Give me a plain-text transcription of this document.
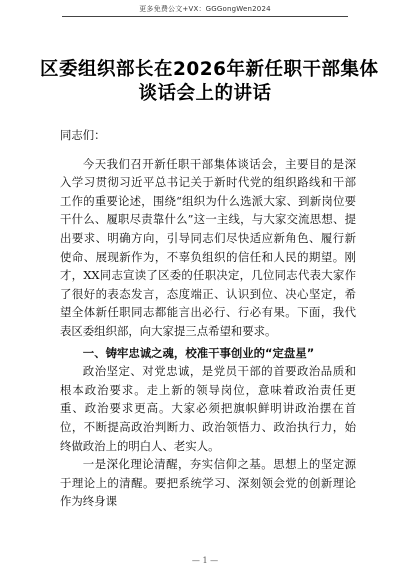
更多免费公文+VX：GGGongWen2024
区委组织部长在2026年新任职干部集体
谈话会上的讲话

同志们：

今天我们召开新任职干部集体谈话会，主要目的是深入学习贯彻习近平总书记关于新时代党的组织路线和干部工作的重要论述，围绕“组织为什么选派大家、到新岗位要干什么、履职尽责靠什么”这一主线，与大家交流思想、提出要求、明确方向，引导同志们尽快适应新角色、履行新使命、展现新作为，不辜负组织的信任和人民的期望。刚才，XX同志宣读了区委的任职决定，几位同志代表大家作了很好的表态发言，态度端正、认识到位、决心坚定，希望全体新任职同志都能言出必行、行必有果。下面，我代表区委组织部，向大家提三点希望和要求。

一、铸牢忠诚之魂，校准干事创业的“定盘星”

政治坚定、对党忠诚，是党员干部的首要政治品质和根本政治要求。走上新的领导岗位，意味着政治责任更重、政治要求更高。大家必须把旗帜鲜明讲政治摆在首位，不断提高政治判断力、政治领悟力、政治执行力，始终做政治上的明白人、老实人。

一是深化理论清醒，夯实信仰之基。思想上的坚定源于理论上的清醒。要把系统学习、深刻领会党的创新理论作为终身课

— 1 —
